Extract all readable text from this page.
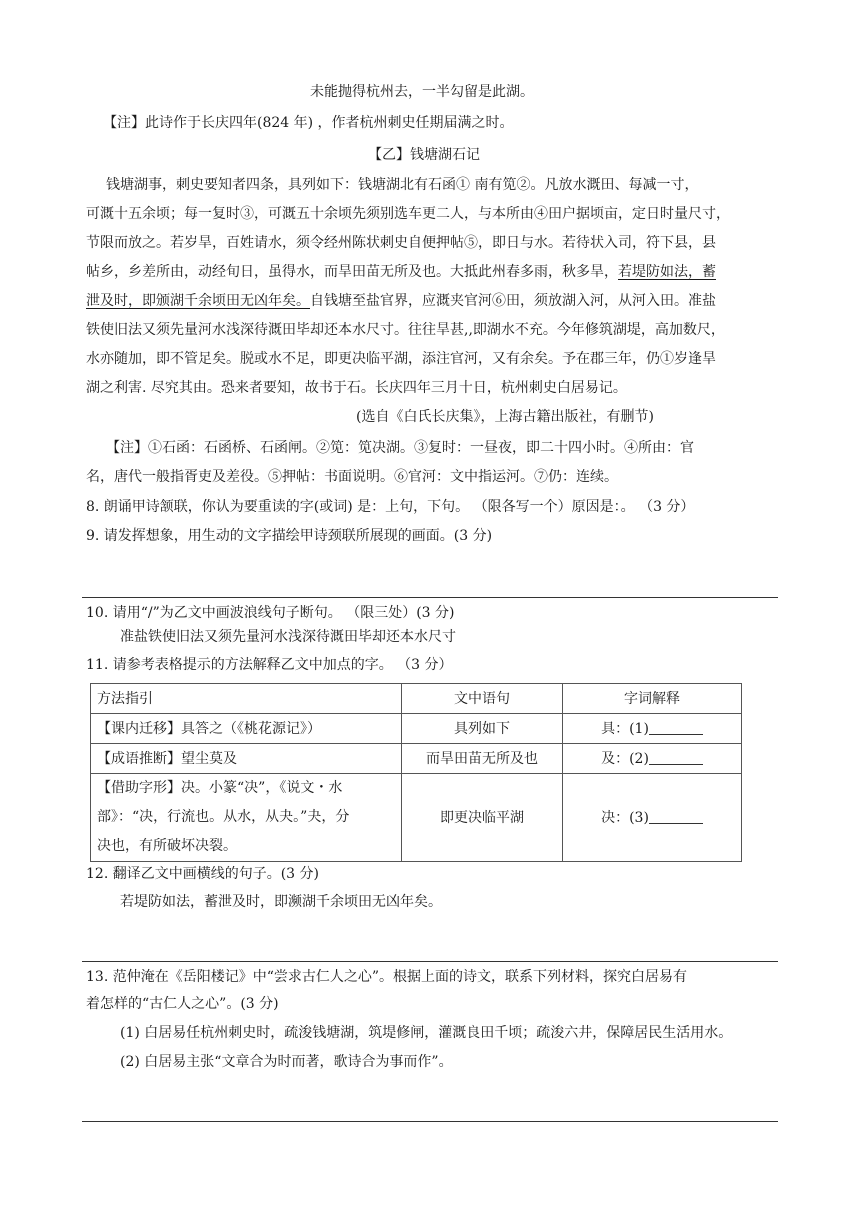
未能抛得杭州去，一半勾留是此湖。
【注】此诗作于长庆四年(824 年) ，作者杭州刺史任期届满之时。
【乙】钱塘湖石记
钱塘湖事，刺史要知者四条，具列如下：钱塘湖北有石函① 南有笕②。凡放水溉田、每减一寸，
可溉十五余顷；每一复时③，可溉五十余顷先须别选车更二人，与本所由④田户据顷亩，定日时量尺寸，
节限而放之。若岁旱，百姓请水，须令经州陈状刺史自便押帖⑤，即日与水。若待状入司，符下县，县
帖乡，乡差所由，动经旬日，虽得水，而旱田苗无所及也。大抵此州春多雨，秋多旱，若堤防如法，蓄
泄及时，即颁湖千余顷田无凶年矣。自钱塘至盐官界，应溉夹官河⑥田，须放湖入河，从河入田。准盐
铁使旧法又须先量河水浅深待溉田毕却还本水尺寸。往往旱甚,,即湖水不充。今年修筑湖堤，高加数尺，
水亦随加，即不管足矣。脱或水不足，即更决临平湖，添注官河，又有余矣。予在郡三年，仍①岁逢旱
湖之利害. 尽究其由。恐来者要知，故书于石。长庆四年三月十日，杭州刺史白居易记。
(选自《白氏长庆集》，上海古籍出版社，有删节)
【注】①石函：石函桥、石函闸。②笕：笕决湖。③复时：一昼夜，即二十四小时。④所由：官
名，唐代一般指胥吏及差役。⑤押帖：书面说明。⑥官河：文中指运河。⑦仍：连续。
8. 朗诵甲诗颔联，你认为要重读的字(或词) 是：上句，下句。 （限各写一个）原因是：。 （3 分）
9. 请发挥想象，用生动的文字描绘甲诗颈联所展现的画面。(3 分)
10. 请用“/”为乙文中画波浪线句子断句。 （限三处）(3 分)
准盐铁使旧法又须先量河水浅深待溉田毕却还本水尺寸
11. 请参考表格提示的方法解释乙文中加点的字。 （3 分）
方法指引	文中语句	字词解释
【课内迁移】具答之（《桃花源记》）	具列如下	具：(1)
【成语推断】望尘莫及	而旱田苗无所及也	及：(2)

【借助字形】决。小篆“决”，《说文・水
部》：“决，行流也。从水，从夬。”夬，分
决也，有所破坏决裂。	即更决临平湖	决：(3)
12. 翻译乙文中画横线的句子。(3 分)
若堤防如法，蓄泄及时，即濒湖千余顷田无凶年矣。
13. 范仲淹在《岳阳楼记》中“尝求古仁人之心”。根据上面的诗文，联系下列材料，探究白居易有
着怎样的“古仁人之心”。(3 分)
(1) 白居易任杭州刺史时，疏浚钱塘湖，筑堤修闸，灌溉良田千顷；疏浚六井，保障居民生活用水。
(2) 白居易主张“文章合为时而著，歌诗合为事而作”。
